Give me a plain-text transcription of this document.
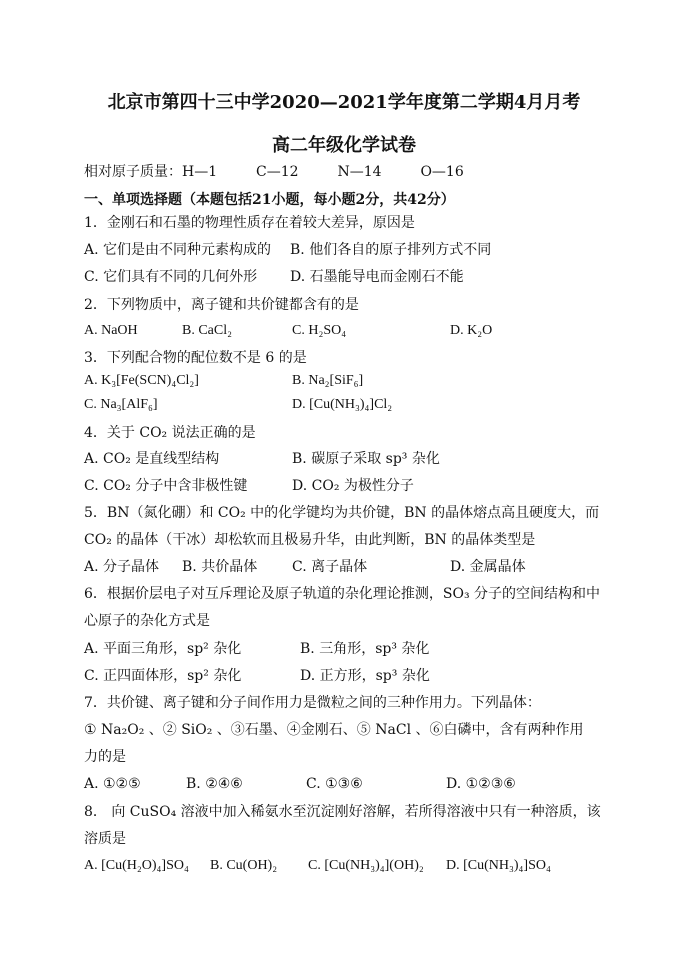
北京市第四十三中学2020—2021学年度第二学期4月月考
高二年级化学试卷
相对原子质量：H—1	C—12	N—14	O—16
一、单项选择题（本题包括21小题，每小题2分，共42分）
1．金刚石和石墨的物理性质存在着较大差异，原因是
A. 它们是由不同种元素构成的 B. 他们各自的原子排列方式不同
C. 它们具有不同的几何外形 D. 石墨能导电而金刚石不能
2．下列物质中，离子键和共价键都含有的是
A. NaOH	B. CaCl₂	C. H₂SO₄	D. K₂O
3．下列配合物的配位数不是 6 的是
A. K₃[Fe(SCN)₄Cl₂]	B. Na₂[SiF₆]
C. Na₃[AlF₆]	D. [Cu(NH₃)₄]Cl₂
4．关于 CO₂ 说法正确的是
A. CO₂ 是直线型结构	B. 碳原子采取 sp³ 杂化
C. CO₂ 分子中含非极性键	D. CO₂ 为极性分子
5．BN（氮化硼）和 CO₂ 中的化学键均为共价键，BN 的晶体熔点高且硬度大，而
CO₂ 的晶体（干冰）却松软而且极易升华，由此判断，BN 的晶体类型是
A. 分子晶体 B. 共价晶体 C. 离子晶体	D. 金属晶体
6．根据价层电子对互斥理论及原子轨道的杂化理论推测，SO₃ 分子的空间结构和中
心原子的杂化方式是
A. 平面三角形，sp² 杂化	B. 三角形，sp³ 杂化
C. 正四面体形，sp² 杂化	D. 正方形，sp³ 杂化
7．共价键、离子键和分子间作用力是微粒之间的三种作用力。下列晶体：
① Na₂O₂ 、② SiO₂ 、③石墨、④金刚石、⑤ NaCl 、⑥白磷中，含有两种作用
力的是
A. ①②⑤	B. ②④⑥	C. ①③⑥	D. ①②③⑥
8． 向 CuSO₄ 溶液中加入稀氨水至沉淀刚好溶解，若所得溶液中只有一种溶质，该
溶质是
A. [Cu(H₂O)₄]SO₄ B. Cu(OH)₂ C. [Cu(NH₃)₄](OH)₂ D. [Cu(NH₃)₄]SO₄
